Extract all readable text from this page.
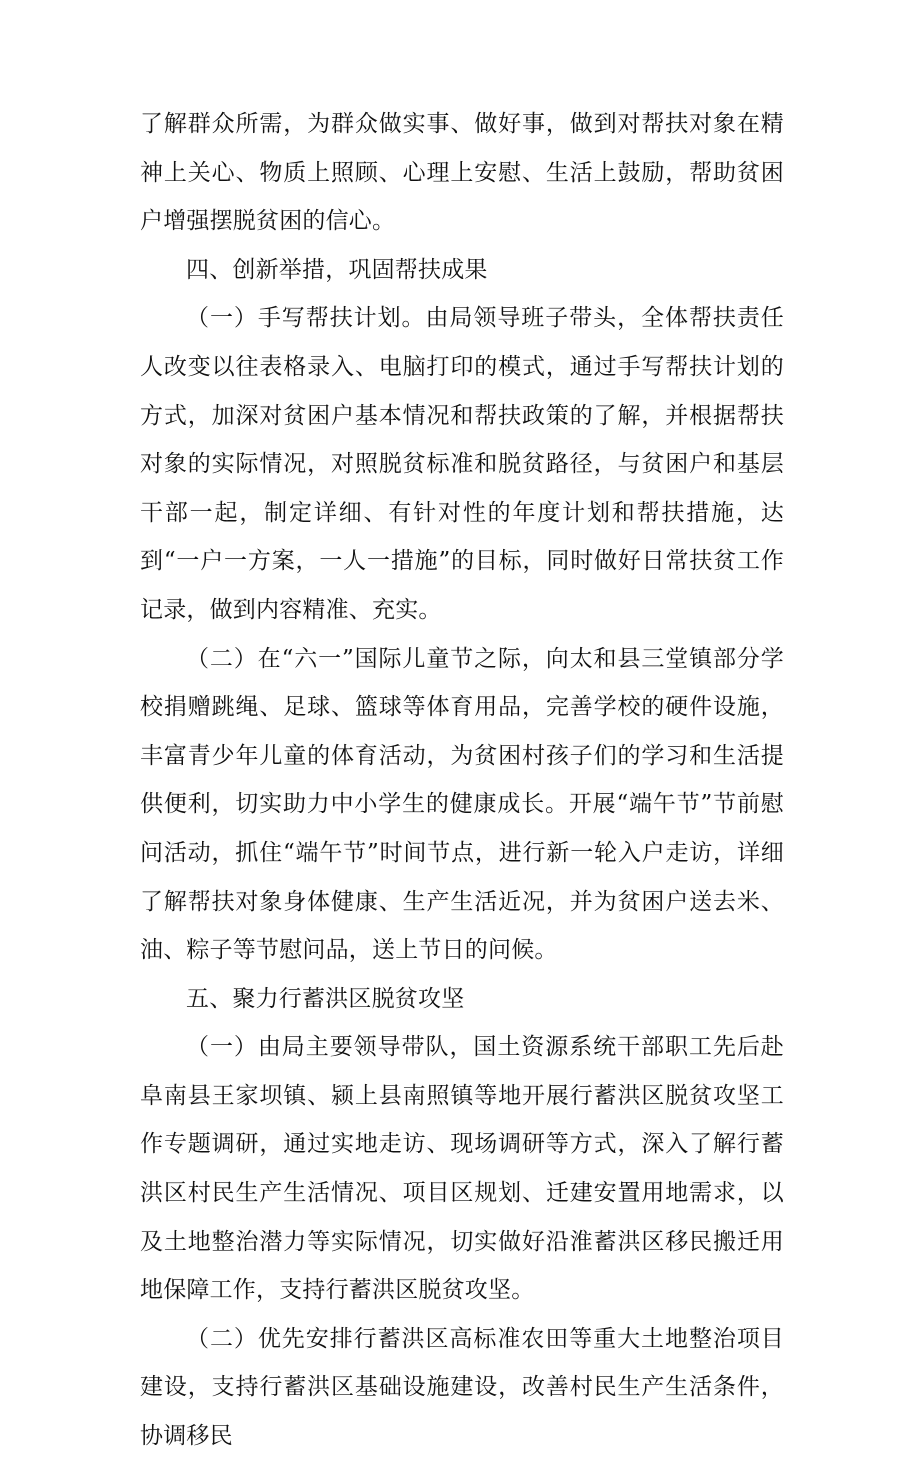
了解群众所需，为群众做实事、做好事，做到对帮扶对象在精神上关心、物质上照顾、心理上安慰、生活上鼓励，帮助贫困户增强摆脱贫困的信心。

四、创新举措，巩固帮扶成果

（一）手写帮扶计划。由局领导班子带头，全体帮扶责任人改变以往表格录入、电脑打印的模式，通过手写帮扶计划的方式，加深对贫困户基本情况和帮扶政策的了解，并根据帮扶对象的实际情况，对照脱贫标准和脱贫路径，与贫困户和基层干部一起，制定详细、有针对性的年度计划和帮扶措施，达到“一户一方案，一人一措施”的目标，同时做好日常扶贫工作记录，做到内容精准、充实。

（二）在“六一”国际儿童节之际，向太和县三堂镇部分学校捐赠跳绳、足球、篮球等体育用品，完善学校的硬件设施，丰富青少年儿童的体育活动，为贫困村孩子们的学习和生活提供便利，切实助力中小学生的健康成长。开展“端午节”节前慰问活动，抓住“端午节”时间节点，进行新一轮入户走访，详细了解帮扶对象身体健康、生产生活近况，并为贫困户送去米、油、粽子等节慰问品，送上节日的问候。

五、聚力行蓄洪区脱贫攻坚

（一）由局主要领导带队，国土资源系统干部职工先后赴阜南县王家坝镇、颍上县南照镇等地开展行蓄洪区脱贫攻坚工作专题调研，通过实地走访、现场调研等方式，深入了解行蓄洪区村民生产生活情况、项目区规划、迁建安置用地需求，以及土地整治潜力等实际情况，切实做好沿淮蓄洪区移民搬迁用地保障工作，支持行蓄洪区脱贫攻坚。

（二）优先安排行蓄洪区高标准农田等重大土地整治项目建设，支持行蓄洪区基础设施建设，改善村民生产生活条件，协调移民
